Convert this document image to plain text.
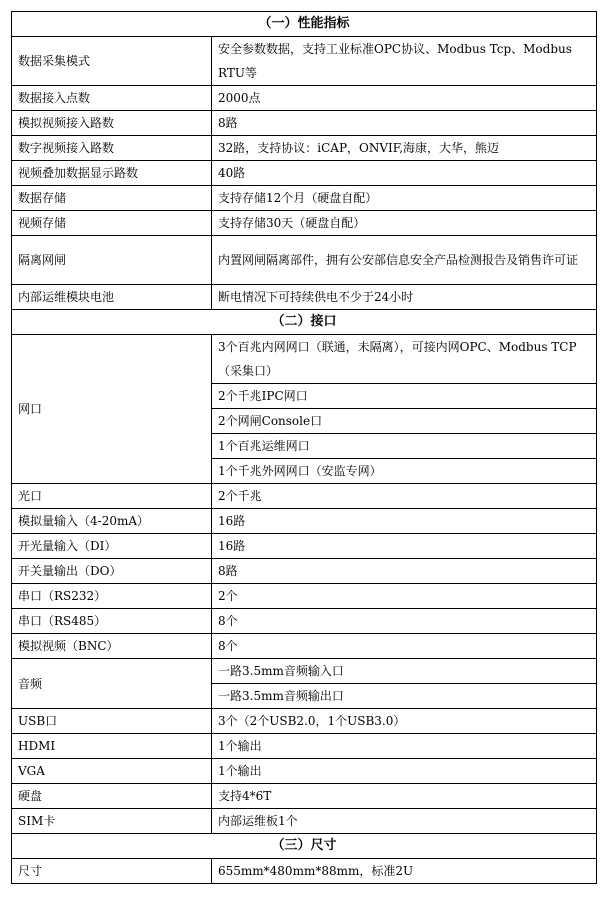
（一）性能指标	
数据采集模式	安全参数数据，支持工业标准OPC协议、Modbus Tcp、Modbus RTU等
数据接入点数	2000点
模拟视频接入路数	8路
数字视频接入路数	32路，支持协议：iCAP，ONVIF,海康，大华，熊迈
视频叠加数据显示路数	40路
数据存储	支持存储12个月（硬盘自配）
视频存储	支持存储30天（硬盘自配）
隔离网闸	内置网闸隔离部件，拥有公安部信息安全产品检测报告及销售许可证
内部运维模块电池	断电情况下可持续供电不少于24小时
（二）接口	
网口	3个百兆内网网口（联通，未隔离），可接内网OPC、Modbus TCP（采集口）
	2个千兆IPC网口
	2个网闸Console口
	1个百兆运维网口
	1个千兆外网网口（安监专网）
光口	2个千兆
模拟量输入（4-20mA）	16路
开光量输入（DI）	16路
开关量输出（DO）	8路
串口（RS232）	2个
串口（RS485）	8个
模拟视频（BNC）	8个
音频	一路3.5mm音频输入口
	一路3.5mm音频输出口
USB口	3个（2个USB2.0，1个USB3.0）
HDMI	1个输出
VGA	1个输出
硬盘	支持4*6T
SIM卡	内部运维板1个
（三）尺寸	
尺寸	655mm*480mm*88mm，标准2U
